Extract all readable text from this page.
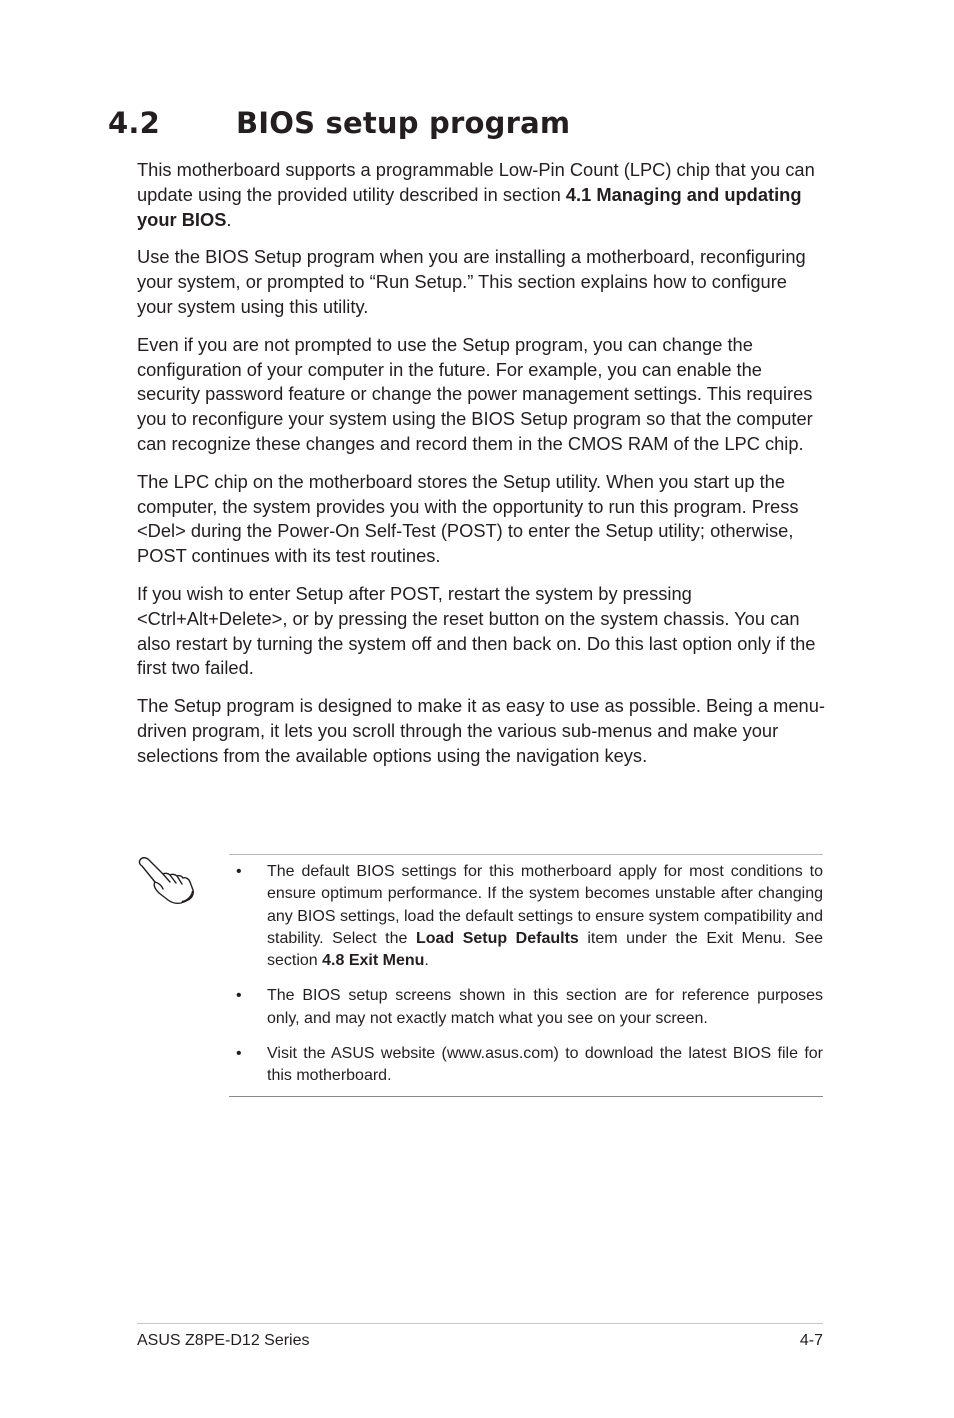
4.2	BIOS setup program

This motherboard supports a programmable Low-Pin Count (LPC) chip that you can update using the provided utility described in section 4.1 Managing and updating your BIOS.

Use the BIOS Setup program when you are installing a motherboard, reconfiguring your system, or prompted to “Run Setup.” This section explains how to configure your system using this utility.

Even if you are not prompted to use the Setup program, you can change the configuration of your computer in the future. For example, you can enable the security password feature or change the power management settings. This requires you to reconfigure your system using the BIOS Setup program so that the computer can recognize these changes and record them in the CMOS RAM of the LPC chip.

The LPC chip on the motherboard stores the Setup utility. When you start up the computer, the system provides you with the opportunity to run this program. Press <Del> during the Power-On Self-Test (POST) to enter the Setup utility; otherwise, POST continues with its test routines.

If you wish to enter Setup after POST, restart the system by pressing <Ctrl+Alt+Delete>, or by pressing the reset button on the system chassis. You can also restart by turning the system off and then back on. Do this last option only if the first two failed.

The Setup program is designed to make it as easy to use as possible. Being a menu-driven program, it lets you scroll through the various sub-menus and make your selections from the available options using the navigation keys.

• The default BIOS settings for this motherboard apply for most conditions to ensure optimum performance. If the system becomes unstable after changing any BIOS settings, load the default settings to ensure system compatibility and stability. Select the Load Setup Defaults item under the Exit Menu. See section 4.8 Exit Menu.
• The BIOS setup screens shown in this section are for reference purposes only, and may not exactly match what you see on your screen.
• Visit the ASUS website (www.asus.com) to download the latest BIOS file for this motherboard.
ASUS Z8PE-D12 Series	4-7
